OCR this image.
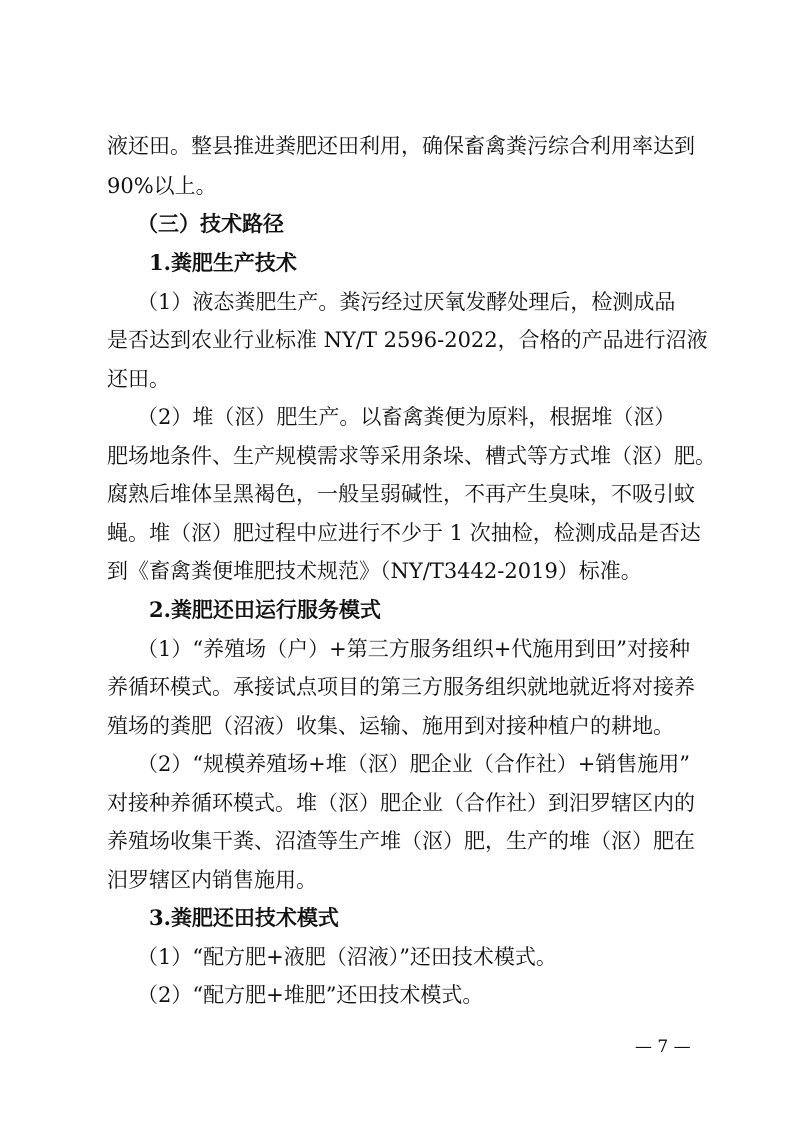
液还田。整县推进粪肥还田利用，确保畜禽粪污综合利用率达到
90%以上。
（三）技术路径
1.粪肥生产技术
（1）液态粪肥生产。粪污经过厌氧发酵处理后，检测成品
是否达到农业行业标准 NY/T 2596-2022，合格的产品进行沼液
还田。
（2）堆（沤）肥生产。以畜禽粪便为原料，根据堆（沤）
肥场地条件、生产规模需求等采用条垛、槽式等方式堆（沤）肥。
腐熟后堆体呈黑褐色，一般呈弱碱性，不再产生臭味，不吸引蚊
蝇。堆（沤）肥过程中应进行不少于 1 次抽检，检测成品是否达
到《畜禽粪便堆肥技术规范》（NY/T3442-2019）标准。
2.粪肥还田运行服务模式
（1）“养殖场（户）+第三方服务组织+代施用到田”对接种
养循环模式。承接试点项目的第三方服务组织就地就近将对接养
殖场的粪肥（沼液）收集、运输、施用到对接种植户的耕地。
（2）“规模养殖场+堆（沤）肥企业（合作社）+销售施用”
对接种养循环模式。堆（沤）肥企业（合作社）到汨罗辖区内的
养殖场收集干粪、沼渣等生产堆（沤）肥，生产的堆（沤）肥在
汨罗辖区内销售施用。
3.粪肥还田技术模式
（1）“配方肥+液肥（沼液）”还田技术模式。
（2）“配方肥+堆肥”还田技术模式。
— 7 —
